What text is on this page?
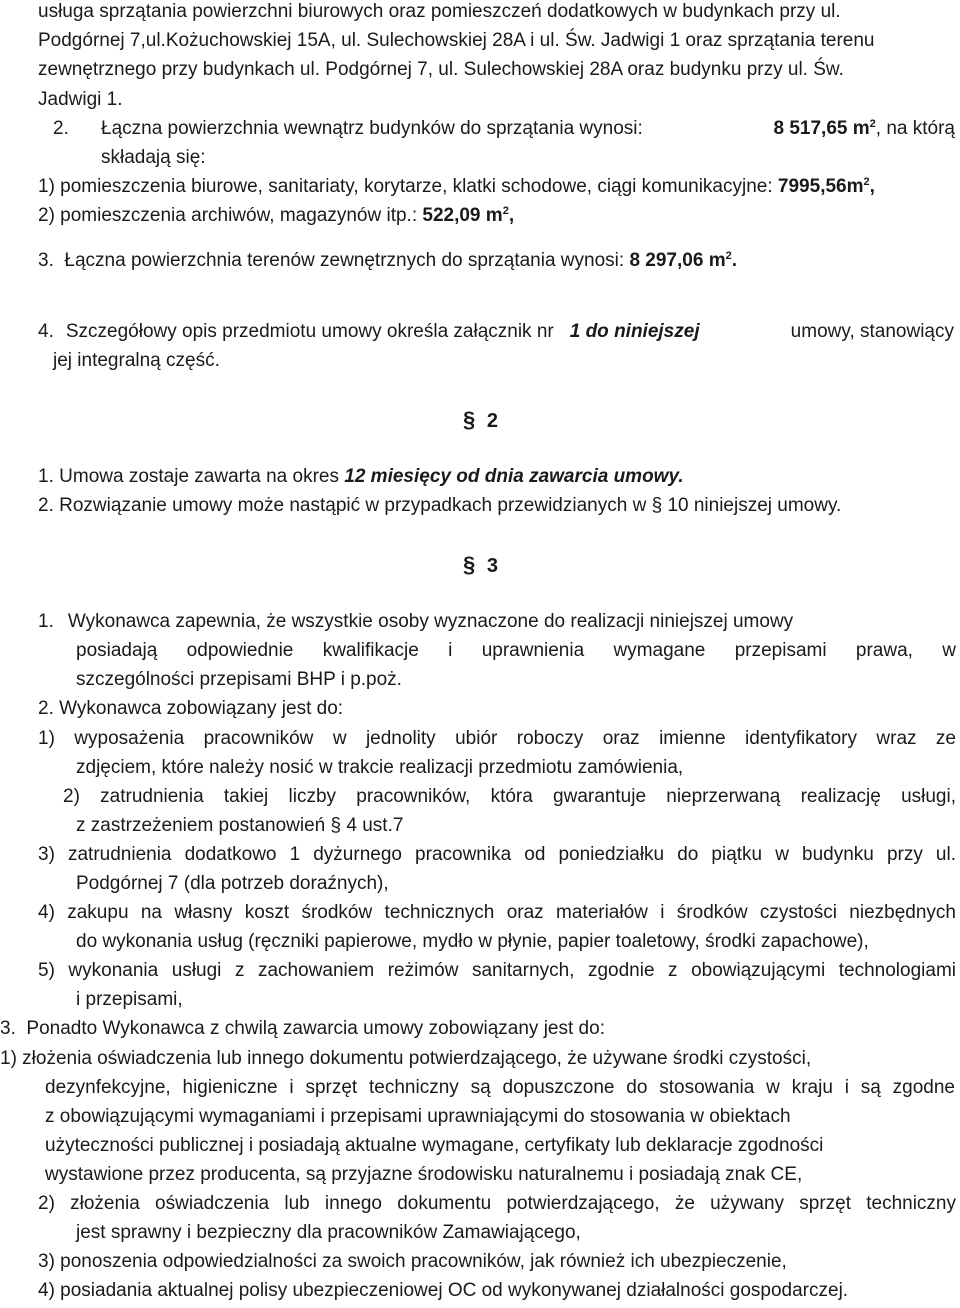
usługa sprzątania powierzchni biurowych oraz pomieszczeń dodatkowych w budynkach przy ul.
Podgórnej 7,ul.Kożuchowskiej 15A, ul. Sulechowskiej 28A i ul. Św. Jadwigi 1 oraz sprzątania terenu
zewnętrznego przy budynkach ul. Podgórnej 7, ul. Sulechowskiej 28A oraz budynku przy ul. Św.
Jadwigi 1.
2. Łączna powierzchnia wewnątrz budynków do sprzątania wynosi:	8 517,65 $m^2$, na którą
składają się:
1) pomieszczenia biurowe, sanitariaty, korytarze, klatki schodowe, ciągi komunikacyjne: $7995,56m^2$,
2) pomieszczenia archiwów, magazynów itp.: 522,09 $m^2$,
3. Łączna powierzchnia terenów zewnętrznych do sprzątania wynosi: 8 297,06 $m^2$.
4. Szczegółowy opis przedmiotu umowy określa załącznik nr 1 do niniejszej	umowy, stanowiący
jej integralną część.
§ 2
1. Umowa zostaje zawarta na okres 12 miesięcy od dnia zawarcia umowy.
2. Rozwiązanie umowy może nastąpić w przypadkach przewidzianych w § 10 niniejszej umowy.
§ 3
1. Wykonawca zapewnia, że wszystkie osoby wyznaczone do realizacji niniejszej umowy
posiadają odpowiednie kwalifikacje i uprawnienia wymagane przepisami prawa, w
szczególności przepisami BHP i p.poż.
2. Wykonawca zobowiązany jest do:
1) wyposażenia pracowników w jednolity ubiór roboczy oraz imienne identyfikatory wraz ze
zdjęciem, które należy nosić w trakcie realizacji przedmiotu zamówienia,
2) zatrudnienia takiej liczby pracowników, która gwarantuje nieprzerwaną realizację usługi,
z zastrzeżeniem postanowień § 4 ust.7
3) zatrudnienia dodatkowo 1 dyżurnego pracownika od poniedziałku do piątku w budynku przy ul.
Podgórnej 7 (dla potrzeb doraźnych),
4) zakupu na własny koszt środków technicznych oraz materiałów i środków czystości niezbędnych
do wykonania usług (ręczniki papierowe, mydło w płynie, papier toaletowy, środki zapachowe),
5) wykonania usługi z zachowaniem reżimów sanitarnych, zgodnie z obowiązującymi technologiami
i przepisami,
3. Ponadto Wykonawca z chwilą zawarcia umowy zobowiązany jest do:
1) złożenia oświadczenia lub innego dokumentu potwierdzającego, że używane środki czystości,
dezynfekcyjne, higieniczne i sprzęt techniczny są dopuszczone do stosowania w kraju i są zgodne
z obowiązującymi wymaganiami i przepisami uprawniającymi do stosowania w obiektach
użyteczności publicznej i posiadają aktualne wymagane, certyfikaty lub deklaracje zgodności
wystawione przez producenta, są przyjazne środowisku naturalnemu i posiadają znak CE,
2) złożenia oświadczenia lub innego dokumentu potwierdzającego, że używany sprzęt techniczny
jest sprawny i bezpieczny dla pracowników Zamawiającego,
3) ponoszenia odpowiedzialności za swoich pracowników, jak również ich ubezpieczenie,
4) posiadania aktualnej polisy ubezpieczeniowej OC od wykonywanej działalności gospodarczej.
